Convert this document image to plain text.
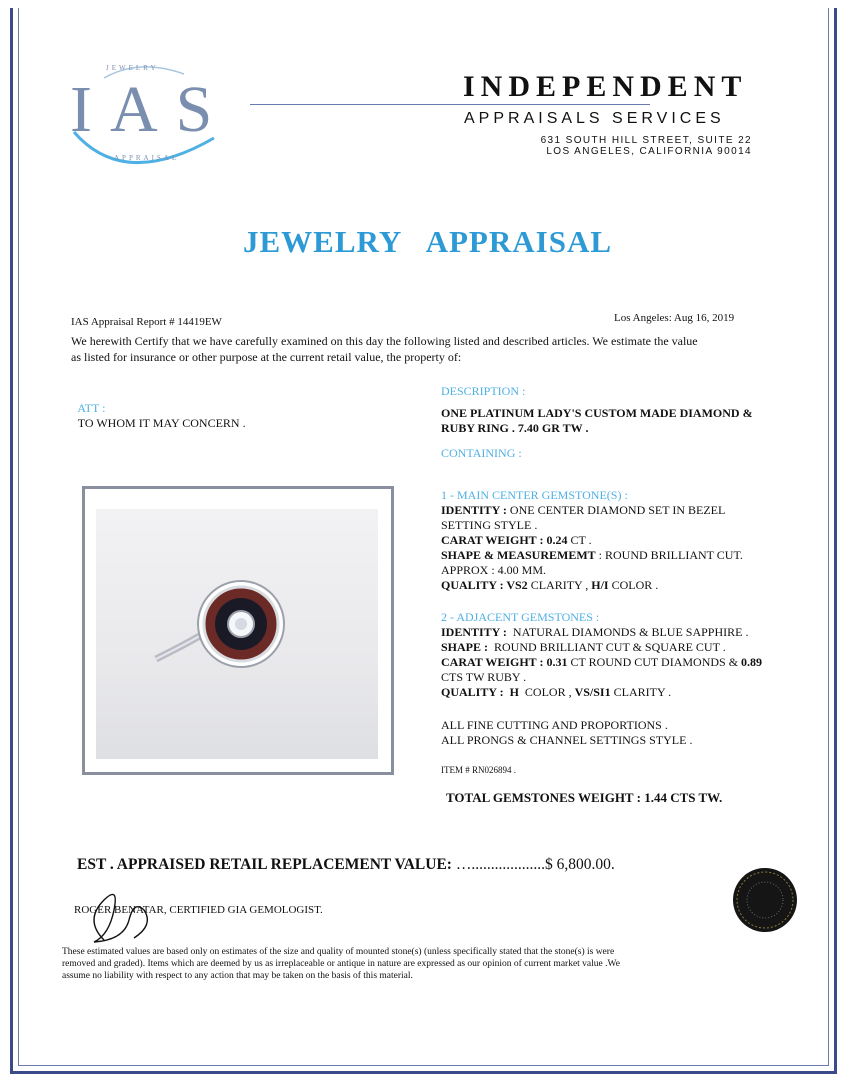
IAS
JEWELRY
APPRAISAL
INDEPENDENT
APPRAISALS SERVICES
631 SOUTH HILL STREET, SUITE 22
LOS ANGELES, CALIFORNIA 90014
JEWELRY   APPRAISAL
IAS Appraisal Report # 14419EW	Los Angeles: Aug 16, 2019
We herewith Certify that we have carefully examined on this day the following listed and described articles. We estimate the value
as listed for insurance or other purpose at the current retail value, the property of:

ATT :
TO WHOM IT MAY CONCERN .

DESCRIPTION :
ONE PLATINUM LADY'S CUSTOM MADE DIAMOND &
RUBY RING . 7.40 GR TW .
CONTAINING :
1 - MAIN CENTER GEMSTONE(S) :
IDENTITY : ONE CENTER DIAMOND SET IN BEZEL
SETTING STYLE .
CARAT WEIGHT : 0.24 CT .
SHAPE & MEASUREMEMT : ROUND BRILLIANT CUT.
APPROX : 4.00 MM.
QUALITY : VS2 CLARITY , H/I COLOR .
2 - ADJACENT GEMSTONES :
IDENTITY :  NATURAL DIAMONDS & BLUE SAPPHIRE .
SHAPE :  ROUND BRILLIANT CUT & SQUARE CUT .
CARAT WEIGHT : 0.31 CT ROUND CUT DIAMONDS & 0.89
CTS TW RUBY .
QUALITY :  H  COLOR , VS/SI1 CLARITY .
ALL FINE CUTTING AND PROPORTIONS .
ALL PRONGS & CHANNEL SETTINGS STYLE .
ITEM # RN026894 .
TOTAL GEMSTONES WEIGHT : 1.44 CTS TW.
EST . APPRAISED RETAIL REPLACEMENT VALUE: …...................$ 6,800.00.
ROGER BENATAR, CERTIFIED GIA GEMOLOGIST.
These estimated values are based only on estimates of the size and quality of mounted stone(s) (unless specifically stated that the stone(s) is were
removed and graded). Items which are deemed by us as irreplaceable or antique in nature are expressed as our opinion of current market value .We
assume no liability with respect to any action that may be taken on the basis of this material.
